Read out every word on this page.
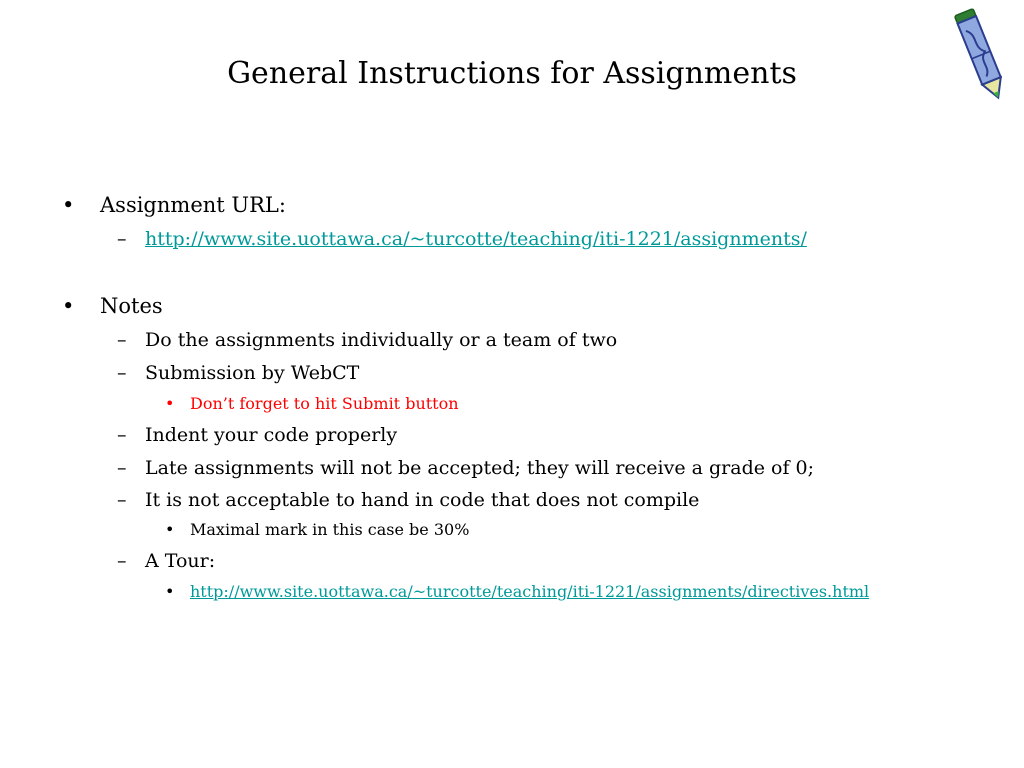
General Instructions for Assignments
• Assignment URL:
– http://www.site.uottawa.ca/~turcotte/teaching/iti-1221/assignments/
• Notes
– Do the assignments individually or a team of two
– Submission by WebCT
• Don’t forget to hit Submit button
– Indent your code properly
– Late assignments will not be accepted; they will receive a grade of 0;
– It is not acceptable to hand in code that does not compile
• Maximal mark in this case be 30%
– A Tour:
• http://www.site.uottawa.ca/~turcotte/teaching/iti-1221/assignments/directives.html
